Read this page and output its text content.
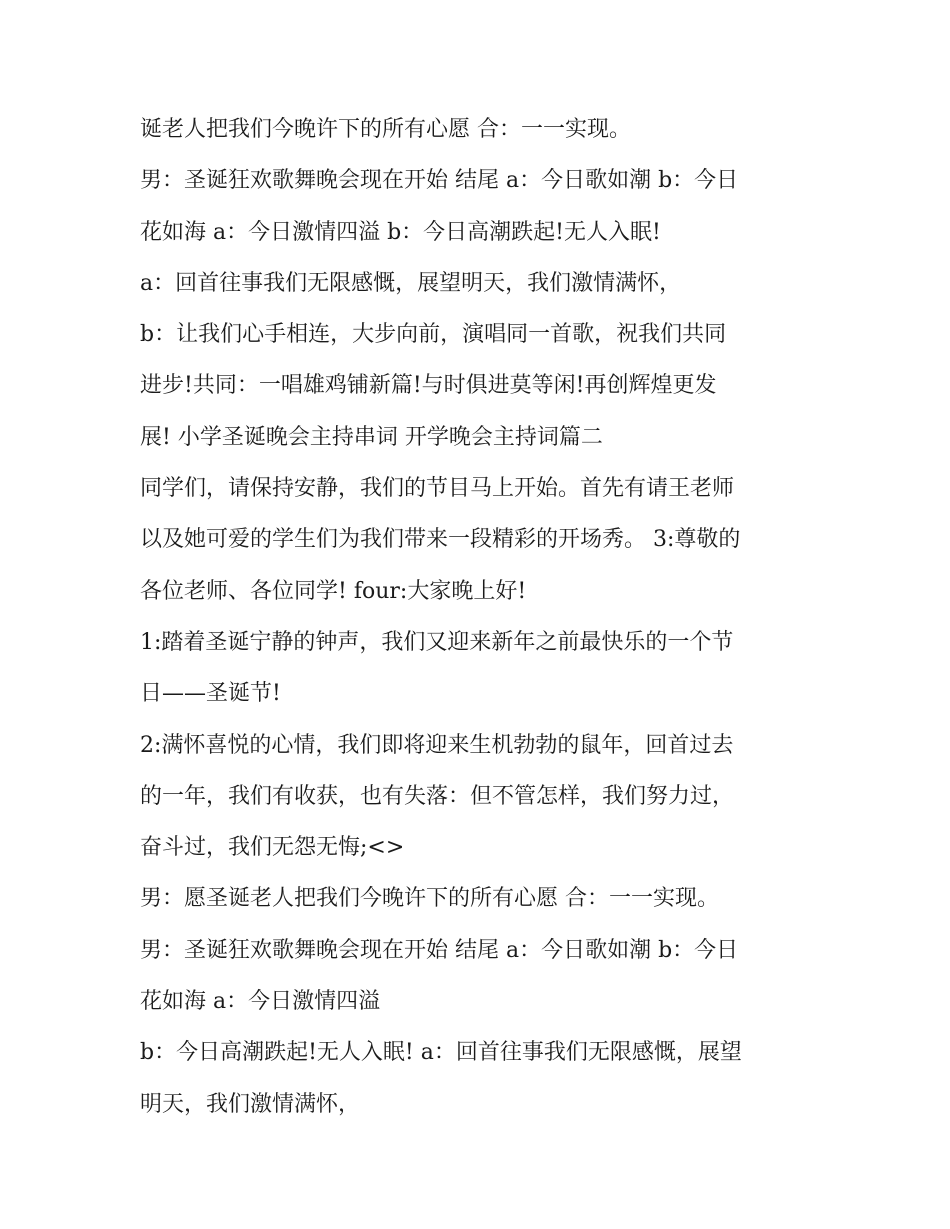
诞老人把我们今晚许下的所有心愿 合：一一实现。
男：圣诞狂欢歌舞晚会现在开始 结尾 a：今日歌如潮 b：今日
花如海 a：今日激情四溢 b：今日高潮跌起!无人入眠!
a：回首往事我们无限感慨，展望明天，我们激情满怀，
b：让我们心手相连，大步向前，演唱同一首歌，祝我们共同
进步!共同：一唱雄鸡铺新篇!与时俱进莫等闲!再创辉煌更发
展! 小学圣诞晚会主持串词 开学晚会主持词篇二
同学们，请保持安静，我们的节目马上开始。首先有请王老师
以及她可爱的学生们为我们带来一段精彩的开场秀。 3:尊敬的
各位老师、各位同学! four:大家晚上好!
1:踏着圣诞宁静的钟声，我们又迎来新年之前最快乐的一个节
日——圣诞节!
2:满怀喜悦的心情，我们即将迎来生机勃勃的鼠年，回首过去
的一年，我们有收获，也有失落：但不管怎样，我们努力过，
奋斗过，我们无怨无悔;<>
男：愿圣诞老人把我们今晚许下的所有心愿 合：一一实现。
男：圣诞狂欢歌舞晚会现在开始 结尾 a：今日歌如潮 b：今日
花如海 a：今日激情四溢
b：今日高潮跌起!无人入眠! a：回首往事我们无限感慨，展望
明天，我们激情满怀，
